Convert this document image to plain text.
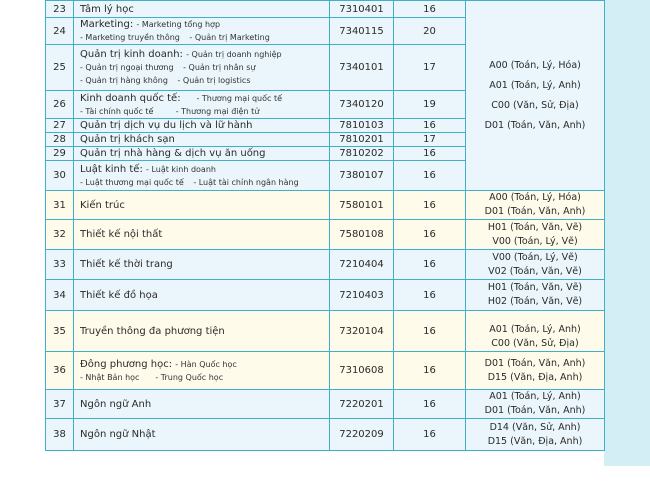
23	Tâm lý học	7310401	16	A00 (Toán, Lý, Hóa)
A01 (Toán, Lý, Anh)
C00 (Văn, Sử, Địa)
D01 (Toán, Văn, Anh)

24	Marketing: - Marketing tổng hợp
- Marketing truyền thông - Quản trị Marketing	7340115	20	
25	Quản trị kinh doanh: - Quản trị doanh nghiệp
- Quản trị ngoại thương - Quản trị nhân sự
- Quản trị hàng không - Quản trị logistics	7340101	17	
26	Kinh doanh quốc tế: - Thương mại quốc tế
- Tài chính quốc tế - Thương mại điện tử	7340120	19	
27	Quản trị dịch vụ du lịch và lữ hành	7810103	16	
28	Quản trị khách sạn	7810201	17	
29	Quản trị nhà hàng & dịch vụ ăn uống	7810202	16	
30	Luật kinh tế: - Luật kinh doanh
- Luật thương mại quốc tế - Luật tài chính ngân hàng	7380107	16	
31	Kiến trúc	7580101	16	A00 (Toán, Lý, Hóa)
D01 (Toán, Văn, Anh)

32	Thiết kế nội thất	7580108	16	H01 (Toán, Văn, Vẽ)
V00 (Toán, Lý, Vẽ)

33	Thiết kế thời trang	7210404	16	V00 (Toán, Lý, Vẽ)
V02 (Toán, Văn, Vẽ)

34	Thiết kế đồ họa	7210403	16	H01 (Toán, Văn, Vẽ)
H02 (Toán, Văn, Vẽ)

35	Truyền thông đa phương tiện	7320104	16	A01 (Toán, Lý, Anh)
C00 (Văn, Sử, Địa)

36	Đông phương học: - Hàn Quốc học
- Nhật Bản học - Trung Quốc học	7310608	16	D01 (Toán, Văn, Anh)
D15 (Văn, Địa, Anh)

37	Ngôn ngữ Anh	7220201	16	A01 (Toán, Lý, Anh)
D01 (Toán, Văn, Anh)

38	Ngôn ngữ Nhật	7220209	16	D14 (Văn, Sử, Anh)
D15 (Văn, Địa, Anh)
